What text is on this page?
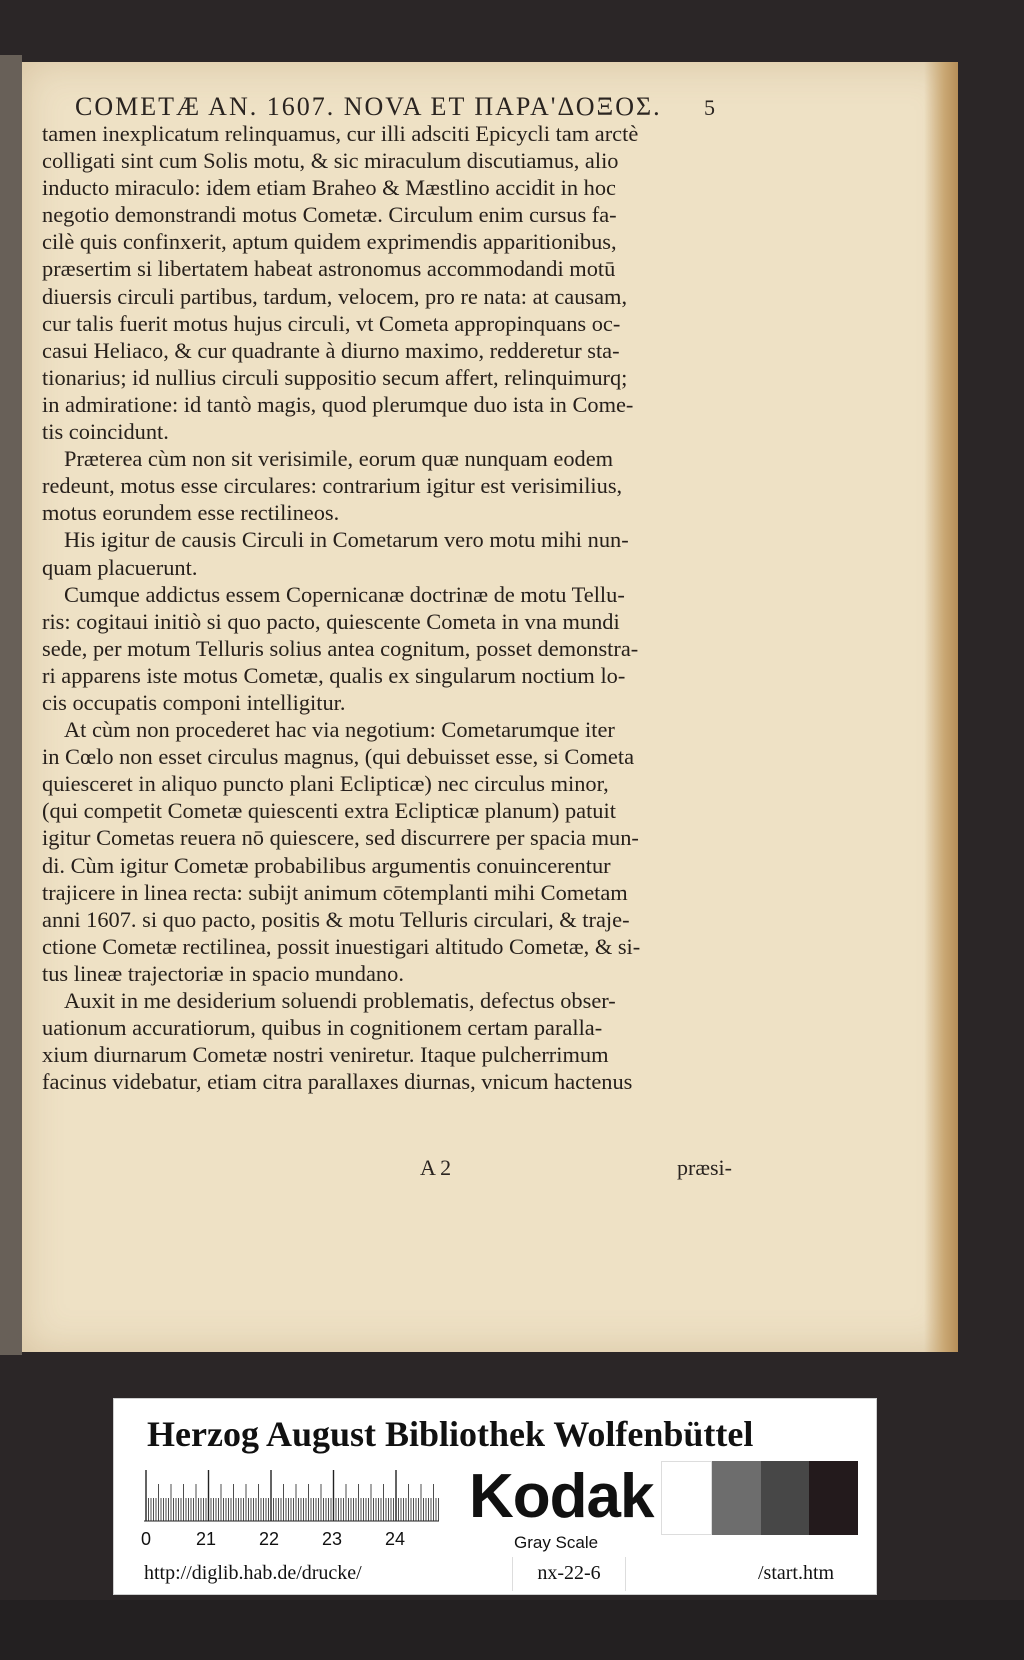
COMETÆ AN. 1607. NOVA ET ΠΑΡΑ'ΔΟΞΟΣ. 5
tamen inexplicatum relinquamus, cur illi adsciti Epicycli tam arctè
colligati sint cum Solis motu, & sic miraculum discutiamus, alio
inducto miraculo: idem etiam Braheo & Mæstlino accidit in hoc
negotio demonstrandi motus Cometæ. Circulum enim cursus fa-
cilè quis confinxerit, aptum quidem exprimendis apparitionibus,
præsertim si libertatem habeat astronomus accommodandi motū
diuersis circuli partibus, tardum, velocem, pro re nata: at causam,
cur talis fuerit motus hujus circuli, vt Cometa appropinquans oc-
casui Heliaco, & cur quadrante à diurno maximo, redderetur sta-
tionarius; id nullius circuli suppositio secum affert, relinquimurq;
in admiratione: id tantò magis, quod plerumque duo ista in Come-
tis coincidunt.
Præterea cùm non sit verisimile, eorum quæ nunquam eodem
redeunt, motus esse circulares: contrarium igitur est verisimilius,
motus eorundem esse rectilineos.
His igitur de causis Circuli in Cometarum vero motu mihi nun-
quam placuerunt.
Cumque addictus essem Copernicanæ doctrinæ de motu Tellu-
ris: cogitaui initiò si quo pacto, quiescente Cometa in vna mundi
sede, per motum Telluris solius antea cognitum, posset demonstra-
ri apparens iste motus Cometæ, qualis ex singularum noctium lo-
cis occupatis componi intelligitur.
At cùm non procederet hac via negotium: Cometarumque iter
in Cœlo non esset circulus magnus, (qui debuisset esse, si Cometa
quiesceret in aliquo puncto plani Eclipticæ) nec circulus minor,
(qui competit Cometæ quiescenti extra Eclipticæ planum) patuit
igitur Cometas reuera nō quiescere, sed discurrere per spacia mun-
di. Cùm igitur Cometæ probabilibus argumentis conuincerentur
trajicere in linea recta: subijt animum cōtemplanti mihi Cometam
anni 1607. si quo pacto, positis & motu Telluris circulari, & traje-
ctione Cometæ rectilinea, possit inuestigari altitudo Cometæ, & si-
tus lineæ trajectoriæ in spacio mundano.
Auxit in me desiderium soluendi problematis, defectus obser-
uationum accuratiorum, quibus in cognitionem certam paralla-
xium diurnarum Cometæ nostri veniretur. Itaque pulcherrimum
facinus videbatur, etiam citra parallaxes diurnas, vnicum hactenus
A 2	præsi-
Herzog August Bibliothek Wolfenbüttel
0 21 22 23 24
Kodak
Gray Scale
http://diglib.hab.de/drucke/	nx-22-6	/start.htm
